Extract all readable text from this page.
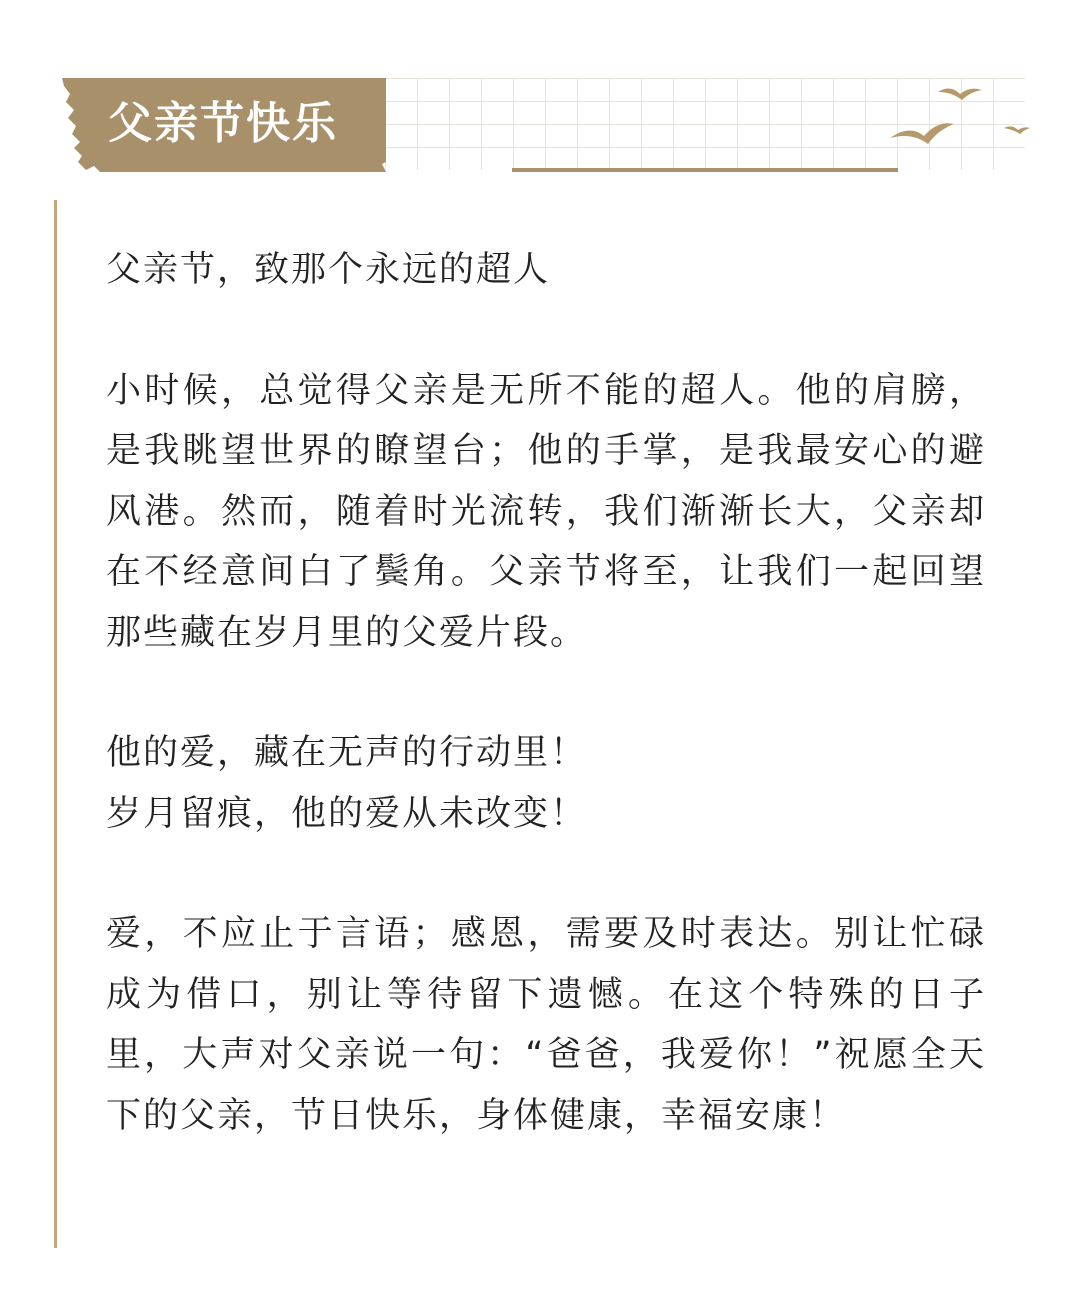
父亲节快乐

父亲节，致那个永远的超人

小时候，总觉得父亲是无所不能的超人。他的肩膀，是我眺望世界的瞭望台；他的手掌，是我最安心的避风港。然而，随着时光流转，我们渐渐长大，父亲却在不经意间白了鬓角。父亲节将至，让我们一起回望那些藏在岁月里的父爱片段。

他的爱，藏在无声的行动里！

岁月留痕，他的爱从未改变！

爱，不应止于言语；感恩，需要及时表达。别让忙碌成为借口，别让等待留下遗憾。在这个特殊的日子里，大声对父亲说一句：“爸爸，我爱你！”祝愿全天下的父亲，节日快乐，身体健康，幸福安康！
